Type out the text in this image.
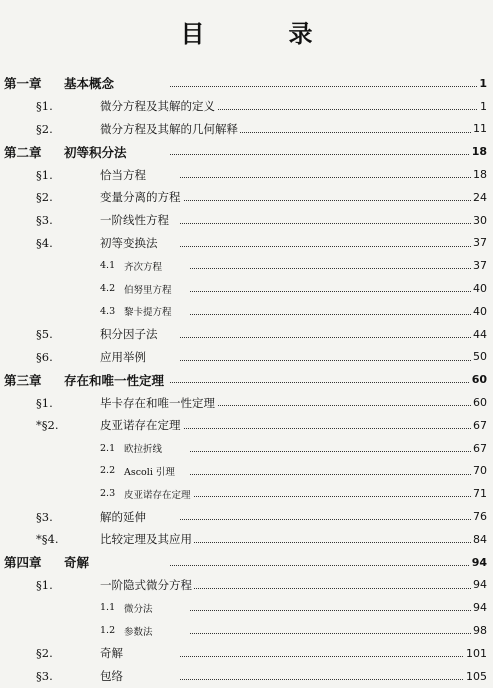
目　录
第一章 基本概念	1
§1.	微分方程及其解的定义	1
§2.	微分方程及其解的几何解释	11
第二章 初等积分法	18
§1.	恰当方程	18
§2.	变量分离的方程	24
§3.	一阶线性方程	30
§4.	初等变换法	37
4.1 齐次方程	37
4.2 伯努里方程	40
4.3 黎卡提方程	40
§5.	积分因子法	44
§6.	应用举例	50
第三章 存在和唯一性定理	60
§1.	毕卡存在和唯一性定理	60
*§2.	皮亚诺存在定理	67
2.1 欧拉折线	67
2.2 Ascoli 引理	70
2.3 皮亚诺存在定理	71
§3.	解的延伸	76
*§4.	比较定理及其应用	84
第四章 奇解	94
§1.	一阶隐式微分方程	94
1.1 微分法	94
1.2 参数法	98
§2.	奇解	101
§3.	包络	105
